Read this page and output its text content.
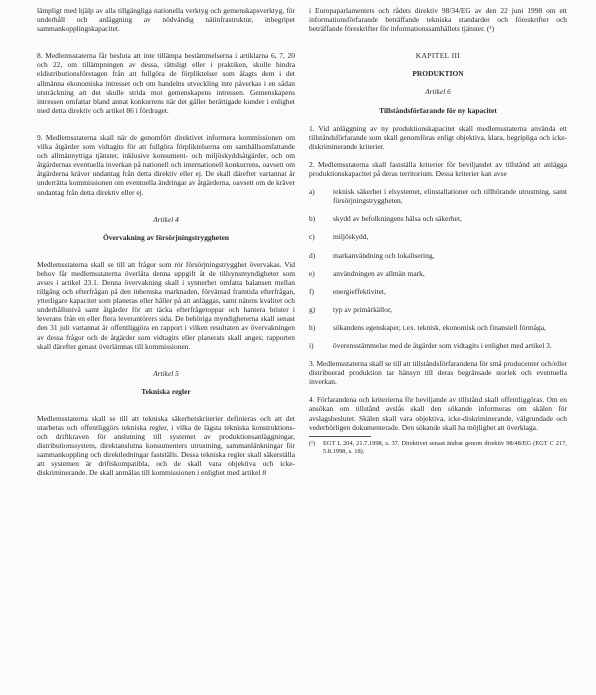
lämpligt med hjälp av alla tillgängliga nationella verktyg och gemenskapsverktyg, för underhåll och anläggning av nödvändig nätinfrastruktur, inbegripet sammankopplingskapacitet.

8. Medlemsstaterna får besluta att inte tillämpa bestämmelserna i artiklarna 6, 7, 20 och 22, om tillämpningen av dessa, rättsligt eller i praktiken, skulle hindra eldistributionsföretagen från att fullgöra de förpliktelser som ålagts dem i det allmänna ekonomiska intresset och om handelns utveckling inte påverkas i en sådan utsträckning att det skulle strida mot gemenskapens intressen. Gemenskapens intressen omfattar bland annat konkurrens när det gäller berättigade kunder i enlighet med detta direktiv och artikel 86 i fördraget.

9. Medlemsstaterna skall när de genomfört direktivet informera kommissionen om vilka åtgärder som vidtagits för att fullgöra förpliktelserna om samhällsomfattande och allmännyttiga tjänster, inklusive konsument- och miljöskyddsåtgärder, och om åtgärdernas eventuella inverkan på nationell och internationell konkurrens, oavsett om åtgärderna kräver undantag från detta direktiv eller ej. De skall därefter vartannat år underrätta kommissionen om eventuella ändringar av åtgärderna, oavsett om de kräver undantag från detta direktiv eller ej.

Artikel 4

Övervakning av försörjningstryggheten

Medlemsstaterna skall se till att frågor som rör försörjningstrygghet övervakas. Vid behov får medlemsstaterna överlåta denna uppgift åt de tillsynsmyndigheter som avses i artikel 23.1. Denna övervakning skall i synnerhet omfatta balansen mellan tillgång och efterfrågan på den inhemska marknaden, förväntad framtida efterfrågan, ytterligare kapacitet som planeras eller håller på att anläggas, samt nätens kvalitet och underhållsnivå samt åtgärder för att täcka efterfrågetoppar och hantera brister i leverans från en eller flera leverantörers sida. De behöriga myndigheterna skall senast den 31 juli vartannat år offentliggöra en rapport i vilken resultaten av övervakningen av dessa frågor och de åtgärder som vidtagits eller planerats skall anges; rapporten skall därefter genast överlämnas till kommissionen.

Artikel 5

Tekniska regler

Medlemsstaterna skall se till att tekniska säkerhetskriterier definieras och att det utarbetas och offentliggörs tekniska regler, i vilka de lägsta tekniska konstruktions- och driftkraven för anslutning till systemet av produktionsanläggningar, distributionssystem, direktanslutna konsumenters utrustning, sammanlänkningar för sammankoppling och direktledningar fastställs. Dessa tekniska regler skall säkerställa att systemen är driftskompatibla, och de skall vara objektiva och icke-diskriminerande. De skall anmälas till kommissionen i enlighet med artikel 8

i Europaparlamentets och rådets direktiv 98/34/EG av den 22 juni 1998 om ett informationsförfarande beträffande tekniska standarder och föreskrifter och beträffande föreskrifter för informationssamhällets tjänster. (¹)

KAPITEL III

PRODUKTION

Artikel 6

Tillståndsförfarande för ny kapacitet

1. Vid anläggning av ny produktionskapacitet skall medlemsstaterna använda ett tillståndsförfarande som skall genomföras enligt objektiva, klara, begripliga och icke-diskriminerande kriterier.

2. Medlemsstaterna skall fastställa kriterier för beviljandet av tillstånd att anlägga produktionskapacitet på deras territorium. Dessa kriterier kan avse

a)	teknisk säkerhet i elsystemet, elinstallationer och tillhörande utrustning, samt försörjningstryggheten,
b)	skydd av befolkningens hälsa och säkerhet,
c)	miljöskydd,
d)	markanvändning och lokalisering,
e)	användningen av allmän mark,
f)	energieffektivitet,
g)	typ av primärkällor,
h)	sökandens egenskaper, t.ex. teknisk, ekonomisk och finansiell förmåga,
i)	överensstämmelse med de åtgärder som vidtagits i enlighet med artikel 3.

3. Medlemsstaterna skall se till att tillståndsförfarandena för små producenter och/eller distribuerad produktion tar hänsyn till deras begränsade storlek och eventuella inverkan.

4. Förfarandena och kriterierna för beviljande av tillstånd skall offentliggöras. Om en ansökan om tillstånd avslås skall den sökande informeras om skälen för avslagsbeslutet. Skälen skall vara objektiva, icke-diskriminerande, välgrundade och vederbörligen dokumenterade. Den sökande skall ha möjlighet att överklaga.

(¹)	EGT L 204, 21.7.1998, s. 37. Direktivet senast ändrat genom direktiv 98/48/EG (EGT C 217, 5.8.1998, s. 18).
